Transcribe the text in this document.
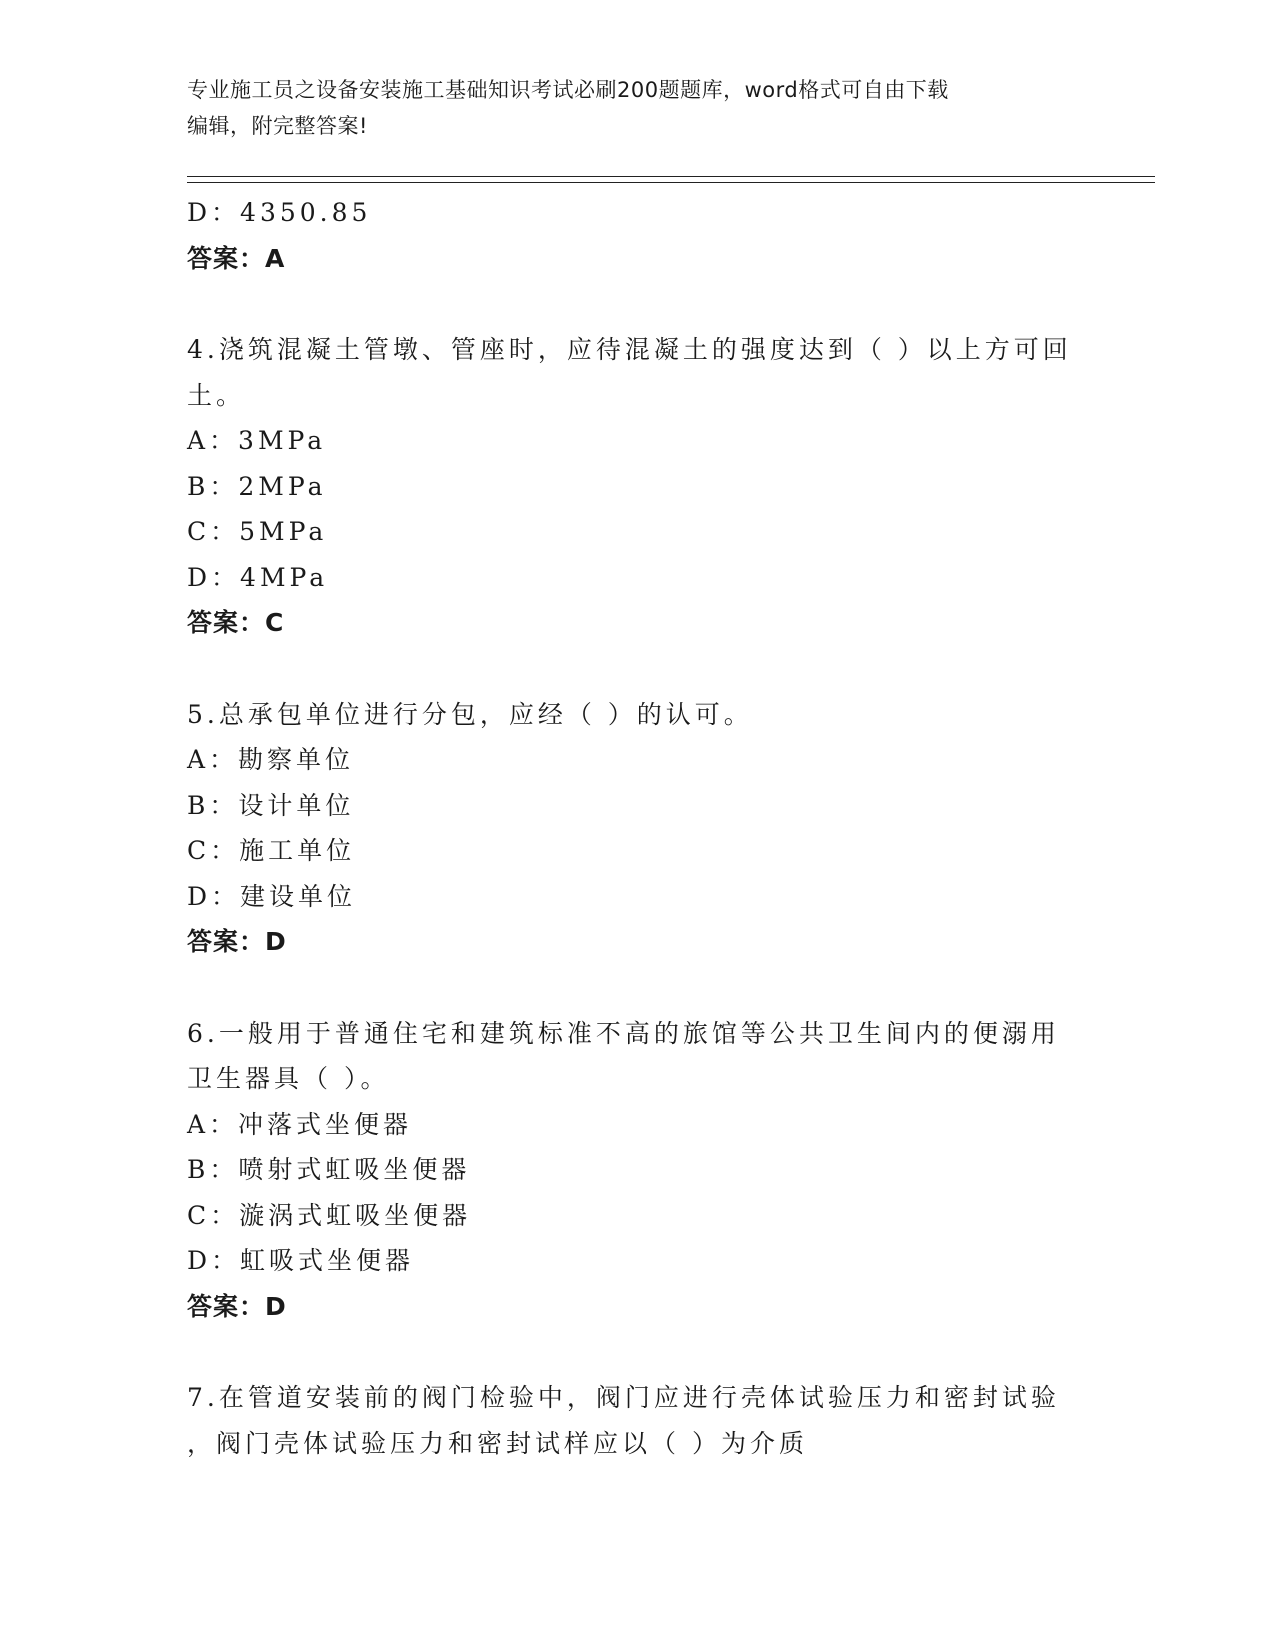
专业施工员之设备安装施工基础知识考试必刷200题题库，word格式可自由下载
编辑，附完整答案!
D：4350.85
答案：A
4.浇筑混凝土管墩、管座时，应待混凝土的强度达到（ ）以上方可回
土。
A：3MPa
B：2MPa
C：5MPa
D：4MPa
答案：C
5.总承包单位进行分包，应经（ ）的认可。
A：勘察单位
B：设计单位
C：施工单位
D：建设单位
答案：D
6.一般用于普通住宅和建筑标准不高的旅馆等公共卫生间内的便溺用
卫生器具（ ）。
A：冲落式坐便器
B：喷射式虹吸坐便器
C：漩涡式虹吸坐便器
D：虹吸式坐便器
答案：D
7.在管道安装前的阀门检验中，阀门应进行壳体试验压力和密封试验
，阀门壳体试验压力和密封试样应以（ ）为介质
